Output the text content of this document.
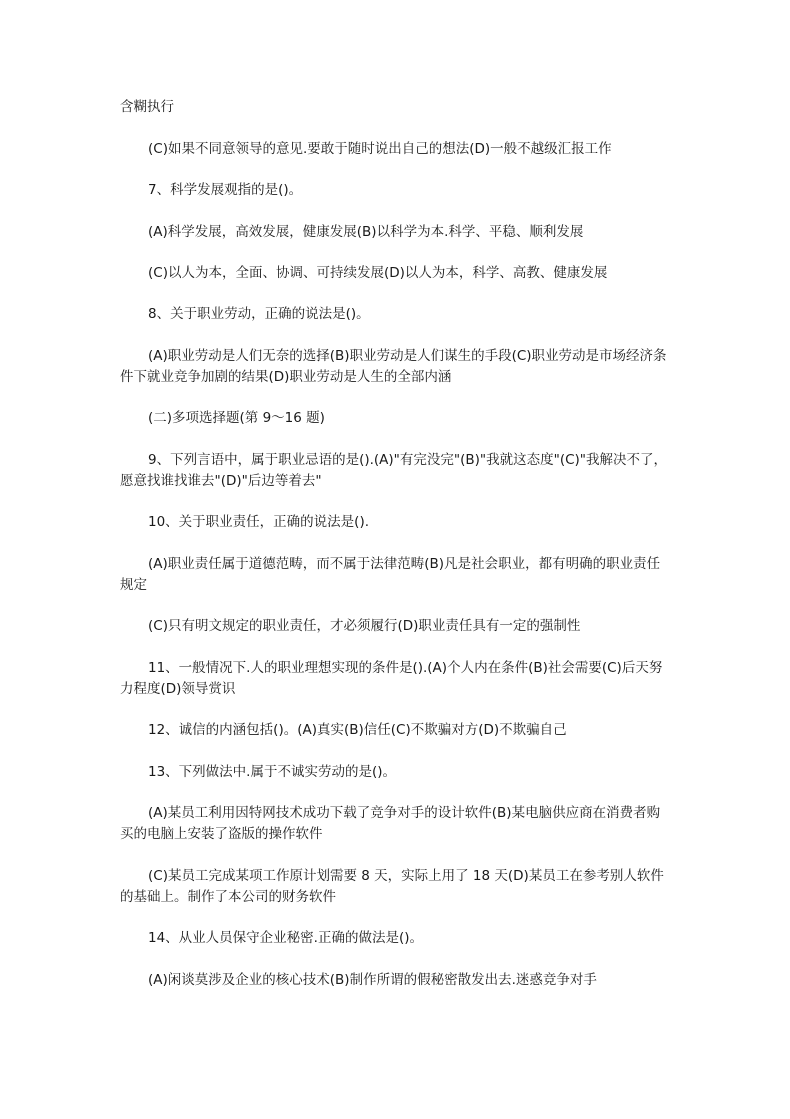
含糊执行

(C)如果不同意领导的意见.要敢于随时说出自己的想法(D)一般不越级汇报工作

7、科学发展观指的是()。

(A)科学发展，高效发展，健康发展(B)以科学为本.科学、平稳、顺利发展

(C)以人为本，全面、协调、可持续发展(D)以人为本，科学、高教、健康发展

8、关于职业劳动，正确的说法是()。

(A)职业劳动是人们无奈的选择(B)职业劳动是人们谋生的手段(C)职业劳动是市场经济条件下就业竞争加剧的结果(D)职业劳动是人生的全部内涵

(二)多项选择题(第 9～16 题)

9、下列言语中，属于职业忌语的是().(A)"有完没完"(B)"我就这态度"(C)"我解决不了，愿意找谁找谁去"(D)"后边等着去"

10、关于职业责任，正确的说法是().

(A)职业责任属于道德范畴，而不属于法律范畴(B)凡是社会职业，都有明确的职业责任规定

(C)只有明文规定的职业责任，才必须履行(D)职业责任具有一定的强制性

11、一般情况下.人的职业理想实现的条件是().(A)个人内在条件(B)社会需要(C)后天努力程度(D)领导赏识

12、诚信的内涵包括()。(A)真实(B)信任(C)不欺骗对方(D)不欺骗自己

13、下列做法中.属于不诚实劳动的是()。

(A)某员工利用因特网技术成功下载了竞争对手的设计软件(B)某电脑供应商在消费者购买的电脑上安装了盗版的操作软件

(C)某员工完成某项工作原计划需要 8 天，实际上用了 18 天(D)某员工在参考别人软件的基础上。制作了本公司的财务软件

14、从业人员保守企业秘密.正确的做法是()。

(A)闲谈莫涉及企业的核心技术(B)制作所谓的假秘密散发出去.迷惑竞争对手
